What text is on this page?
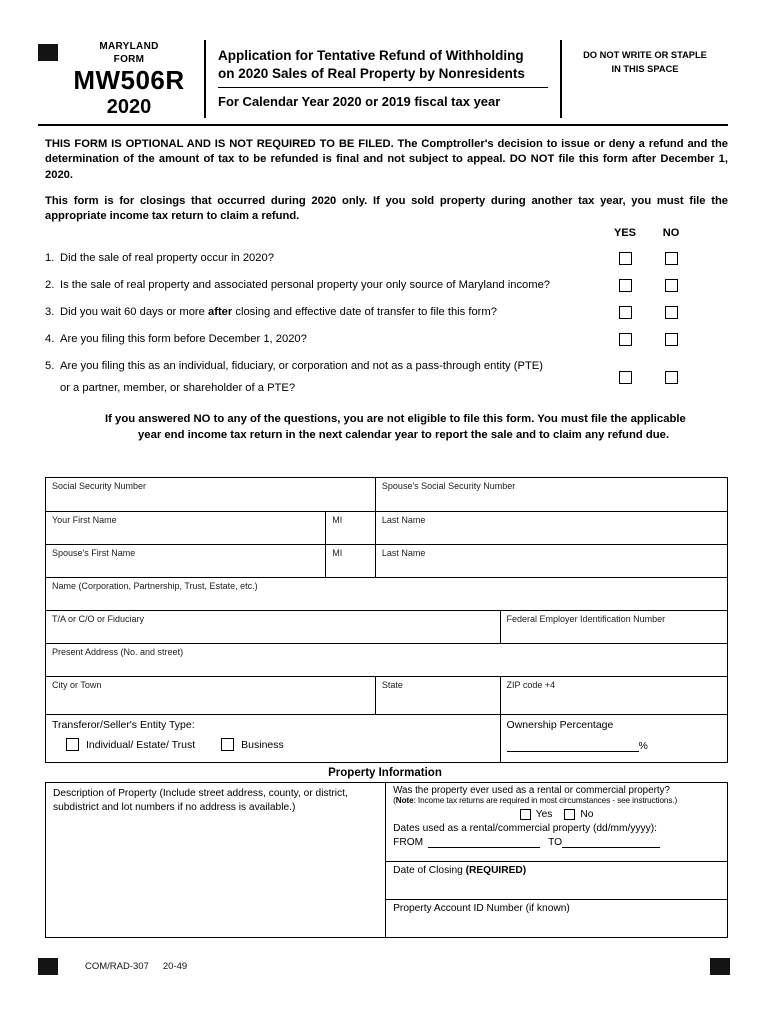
MARYLAND
FORM
MW506R
2020
Application for Tentative Refund of Withholding
on 2020 Sales of Real Property by Nonresidents
For Calendar Year 2020 or 2019 fiscal tax year
DO NOT WRITE OR STAPLE
IN THIS SPACE
THIS FORM IS OPTIONAL AND IS NOT REQUIRED TO BE FILED. The Comptroller's decision to issue or deny a refund and the determination of the amount of tax to be refunded is final and not subject to appeal. DO NOT file this form after December 1, 2020.
This form is for closings that occurred during 2020 only. If you sold property during another tax year, you must file the appropriate income tax return to claim a refund.
YES	NO
1. Did the sale of real property occur in 2020?
2. Is the sale of real property and associated personal property your only source of Maryland income?
3. Did you wait 60 days or more after closing and effective date of transfer to file this form?
4. Are you filing this form before December 1, 2020?
5. Are you filing this as an individual, fiduciary, or corporation and not as a pass-through entity (PTE)
or a partner, member, or shareholder of a PTE?
If you answered NO to any of the questions, you are not eligible to file this form. You must file the applicable
year end income tax return in the next calendar year to report the sale and to claim any refund due.
Social Security Number	Spouse's Social Security Number
Your First Name	MI	Last Name
Spouse's First Name	MI	Last Name
Name (Corporation, Partnership, Trust, Estate, etc.)
T/A or C/O or Fiduciary	Federal Employer Identification Number
Present Address (No. and street)
City or Town	State	ZIP code +4
Transferor/Seller's Entity Type:
Individual/ Estate/ Trust	Business
Ownership Percentage
%
Property Information
Description of Property (Include street address, county, or district, subdistrict and lot numbers if no address is available.)
Was the property ever used as a rental or commercial property?
(Note: Income tax returns are required in most circumstances - see instructions.)
Yes	No
Dates used as a rental/commercial property (dd/mm/yyyy):
FROM	TO
Date of Closing (REQUIRED)
Property Account ID Number (if known)
COM/RAD-307 20-49
